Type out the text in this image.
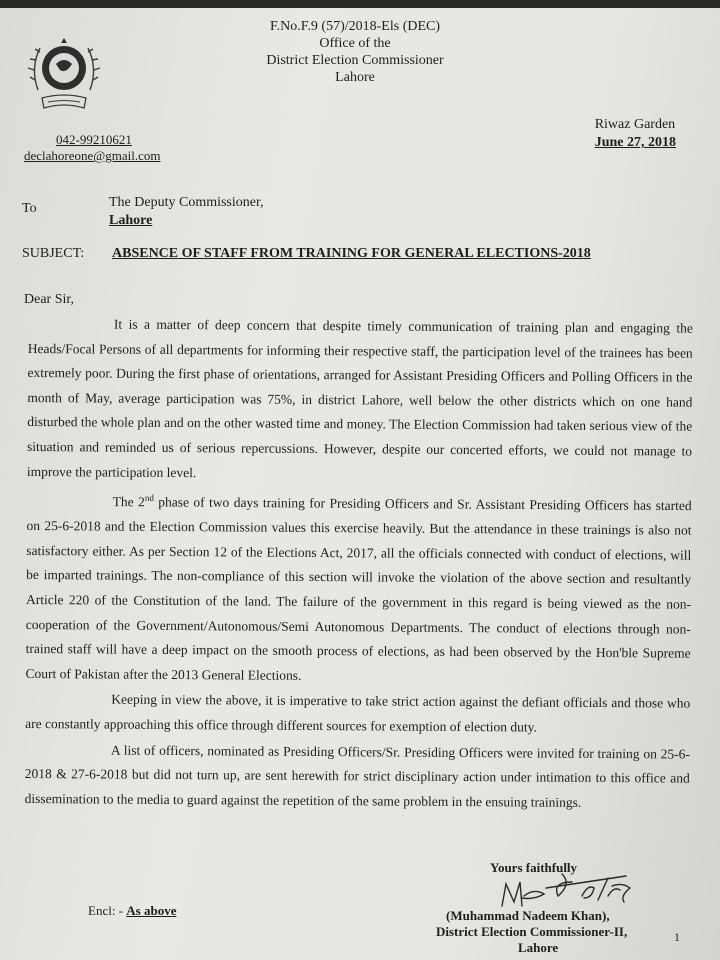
F.No.F.9 (57)/2018-Els (DEC)
Office of the
District Election Commissioner
Lahore
042-99210621
declahoreone@gmail.com
Riwaz Garden
June 27, 2018
To	The Deputy Commissioner,
Lahore
SUBJECT: ABSENCE OF STAFF FROM TRAINING FOR GENERAL ELECTIONS-2018
Dear Sir,

It is a matter of deep concern that despite timely communication of training plan and engaging the Heads/Focal Persons of all departments for informing their respective staff, the participation level of the trainees has been extremely poor. During the first phase of orientations, arranged for Assistant Presiding Officers and Polling Officers in the month of May, average participation was 75%, in district Lahore, well below the other districts which on one hand disturbed the whole plan and on the other wasted time and money. The Election Commission had taken serious view of the situation and reminded us of serious repercussions. However, despite our concerted efforts, we could not manage to improve the participation level.

The 2nd phase of two days training for Presiding Officers and Sr. Assistant Presiding Officers has started on 25-6-2018 and the Election Commission values this exercise heavily. But the attendance in these trainings is also not satisfactory either. As per Section 12 of the Elections Act, 2017, all the officials connected with conduct of elections, will be imparted trainings. The non-compliance of this section will invoke the violation of the above section and resultantly Article 220 of the Constitution of the land. The failure of the government in this regard is being viewed as the non-cooperation of the Government/Autonomous/Semi Autonomous Departments. The conduct of elections through non-trained staff will have a deep impact on the smooth process of elections, as had been observed by the Hon'ble Supreme Court of Pakistan after the 2013 General Elections.

Keeping in view the above, it is imperative to take strict action against the defiant officials and those who are constantly approaching this office through different sources for exemption of election duty.

A list of officers, nominated as Presiding Officers/Sr. Presiding Officers were invited for training on 25-6-2018 & 27-6-2018 but did not turn up, are sent herewith for strict disciplinary action under intimation to this office and dissemination to the media to guard against the repetition of the same problem in the ensuing trainings.

Encl: - As above
Yours faithfully
(Muhammad Nadeem Khan),
District Election Commissioner-II,
Lahore
1
